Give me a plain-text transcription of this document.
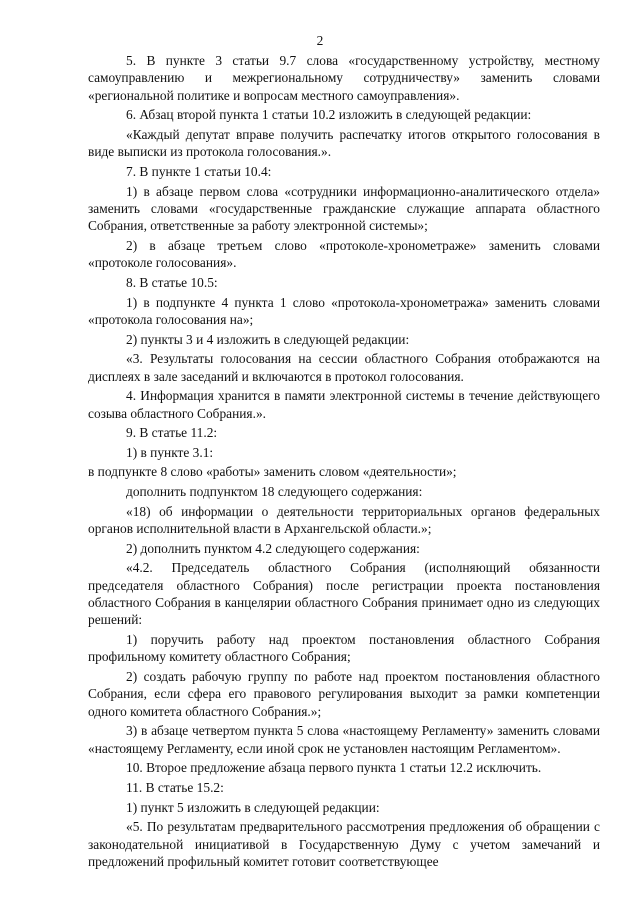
2

5. В пункте 3 статьи 9.7 слова «государственному устройству, местному самоуправлению и межрегиональному сотрудничеству» заменить словами «региональной политике и вопросам местного самоуправления».

6. Абзац второй пункта 1 статьи 10.2 изложить в следующей редакции:

«Каждый депутат вправе получить распечатку итогов открытого голосования в виде выписки из протокола голосования.».

7. В пункте 1 статьи 10.4:

1) в абзаце первом слова «сотрудники информационно-аналитического отдела» заменить словами «государственные гражданские служащие аппарата областного Собрания, ответственные за работу электронной системы»;

2) в абзаце третьем слово «протоколе-хронометраже» заменить словами «протоколе голосования».

8. В статье 10.5:

1) в подпункте 4 пункта 1 слово «протокола-хронометража» заменить словами «протокола голосования на»;

2) пункты 3 и 4 изложить в следующей редакции:

«3. Результаты голосования на сессии областного Собрания отображаются на дисплеях в зале заседаний и включаются в протокол голосования.

4. Информация хранится в памяти электронной системы в течение действующего созыва областного Собрания.».

9. В статье 11.2:

1) в пункте 3.1:

в подпункте 8 слово «работы» заменить словом «деятельности»;

дополнить подпунктом 18 следующего содержания:

«18) об информации о деятельности территориальных органов федеральных органов исполнительной власти в Архангельской области.»;

2) дополнить пунктом 4.2 следующего содержания:

«4.2. Председатель областного Собрания (исполняющий обязанности председателя областного Собрания) после регистрации проекта постановления областного Собрания в канцелярии областного Собрания принимает одно из следующих решений:

1) поручить работу над проектом постановления областного Собрания профильному комитету областного Собрания;

2) создать рабочую группу по работе над проектом постановления областного Собрания, если сфера его правового регулирования выходит за рамки компетенции одного комитета областного Собрания.»;

3) в абзаце четвертом пункта 5 слова «настоящему Регламенту» заменить словами «настоящему Регламенту, если иной срок не установлен настоящим Регламентом».

10. Второе предложение абзаца первого пункта 1 статьи 12.2 исключить.

11. В статье 15.2:

1) пункт 5 изложить в следующей редакции:

«5. По результатам предварительного рассмотрения предложения об обращении с законодательной инициативой в Государственную Думу с учетом замечаний и предложений профильный комитет готовит соответствующее
